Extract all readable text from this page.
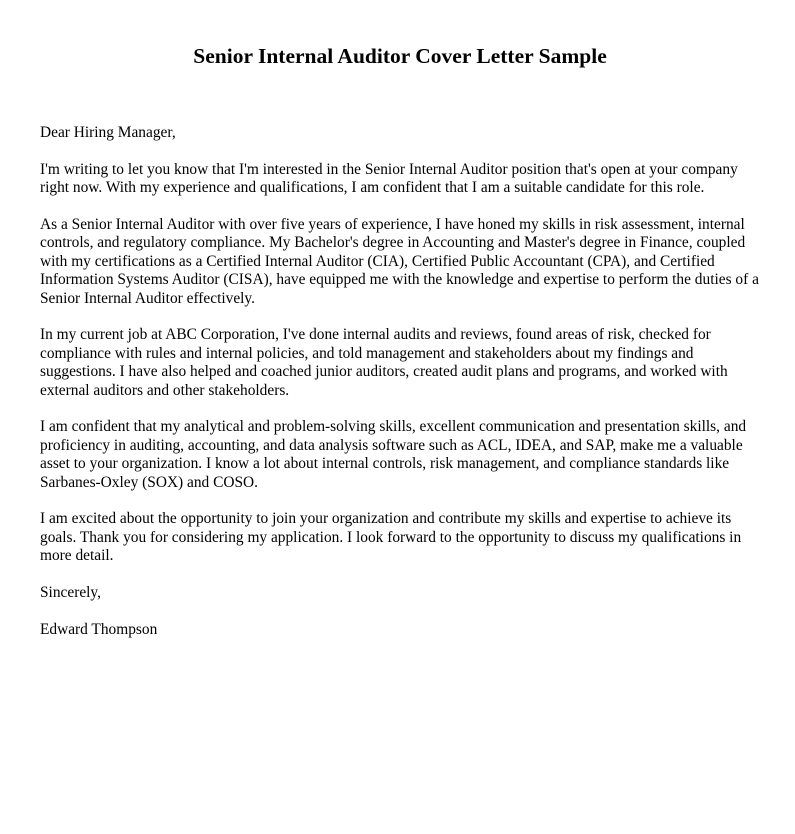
Senior Internal Auditor Cover Letter Sample

Dear Hiring Manager,

I'm writing to let you know that I'm interested in the Senior Internal Auditor position that's open at your company right now. With my experience and qualifications, I am confident that I am a suitable candidate for this role.

As a Senior Internal Auditor with over five years of experience, I have honed my skills in risk assessment, internal controls, and regulatory compliance. My Bachelor's degree in Accounting and Master's degree in Finance, coupled with my certifications as a Certified Internal Auditor (CIA), Certified Public Accountant (CPA), and Certified Information Systems Auditor (CISA), have equipped me with the knowledge and expertise to perform the duties of a Senior Internal Auditor effectively.

In my current job at ABC Corporation, I've done internal audits and reviews, found areas of risk, checked for compliance with rules and internal policies, and told management and stakeholders about my findings and suggestions. I have also helped and coached junior auditors, created audit plans and programs, and worked with external auditors and other stakeholders.

I am confident that my analytical and problem-solving skills, excellent communication and presentation skills, and proficiency in auditing, accounting, and data analysis software such as ACL, IDEA, and SAP, make me a valuable asset to your organization. I know a lot about internal controls, risk management, and compliance standards like Sarbanes-Oxley (SOX) and COSO.

I am excited about the opportunity to join your organization and contribute my skills and expertise to achieve its goals. Thank you for considering my application. I look forward to the opportunity to discuss my qualifications in more detail.

Sincerely,

Edward Thompson
